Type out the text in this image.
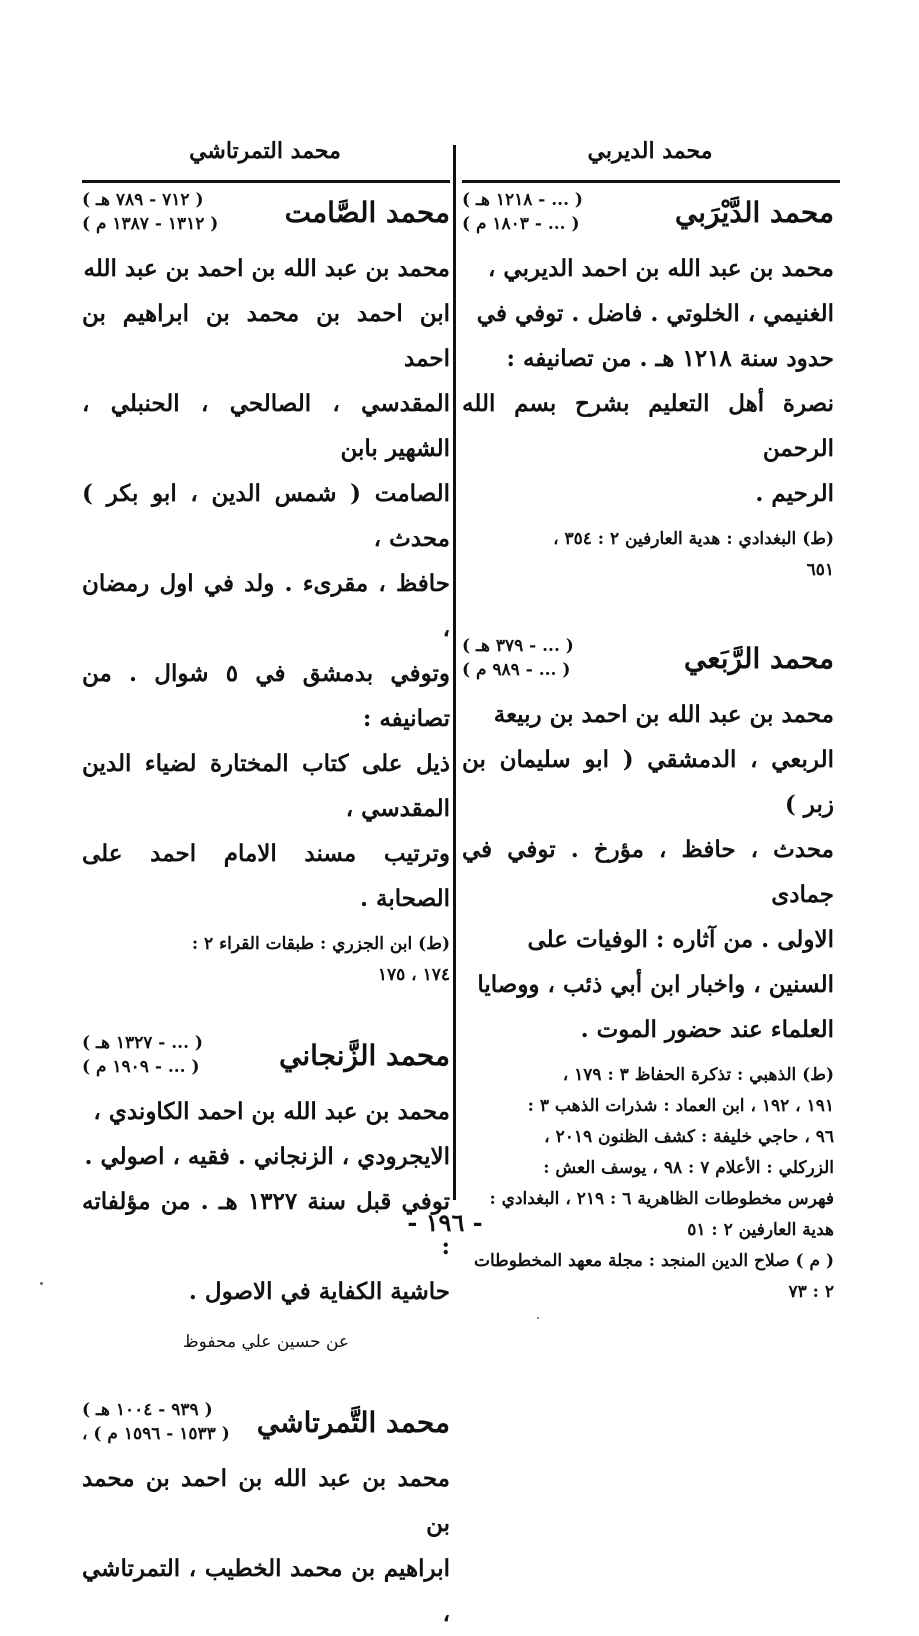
محمد الديربي
محمد التمرتاشي
محمد الدَّيْرَبي
( ... - ١٢١٨ هـ )
( ... - ١٨٠٣ م )

محمد بن عبد الله بن احمد الديربي ،

الغنيمي ، الخلوتي . فاضل . توفي في

حدود سنة ١٢١٨ هـ . من تصانيفه :

نصرة أهل التعليم بشرح بسم الله الرحمن

الرحيم .

(ط) البغدادي : هدية العارفين ٢ : ٣٥٤ ،

٦٥١

محمد الرَّبَعي
( ... - ٣٧٩ هـ )
( ... - ٩٨٩ م )

محمد بن عبد الله بن احمد بن ربيعة

الربعي ، الدمشقي ( ابو سليمان بن زبر )

محدث ، حافظ ، مؤرخ . توفي في جمادى

الاولى . من آثاره : الوفيات على

السنين ، واخبار ابن أبي ذئب ، ووصايا

العلماء عند حضور الموت .

(ط) الذهبي : تذكرة الحفاظ ٣ : ١٧٩ ،

١٩١ ، ١٩٢ ، ابن العماد : شذرات الذهب ٣ :

٩٦ ، حاجي خليفة : كشف الظنون ٢٠١٩ ،

الزركلي : الأعلام ٧ : ٩٨ ، يوسف العش :

فهرس مخطوطات الظاهرية ٦ : ٢١٩ ، البغدادي :

هدية العارفين ٢ : ٥١

( م ) صلاح الدين المنجد : مجلة معهد المخطوطات

٢ : ٧٣

محمد الصَّامت
( ٧١٢ - ٧٨٩ هـ )
( ١٣١٢ - ١٣٨٧ م )

محمد بن عبد الله بن احمد بن عبد الله

ابن احمد بن محمد بن ابراهيم بن احمد

المقدسي ، الصالحي ، الحنبلي ، الشهير بابن

الصامت ( شمس الدين ، ابو بكر ) محدث ،

حافظ ، مقرىء . ولد في اول رمضان ،

وتوفي بدمشق في ٥ شوال . من تصانيفه :

ذيل على كتاب المختارة لضياء الدين المقدسي ،

وترتيب مسند الامام احمد على الصحابة .

(ط) ابن الجزري : طبقات القراء ٢ :

١٧٤ ، ١٧٥

محمد الزَّنجاني
( ... - ١٣٢٧ هـ )
( ... - ١٩٠٩ م )

محمد بن عبد الله بن احمد الكاوندي ،

الايجرودي ، الزنجاني . فقيه ، اصولي .

توفي قبل سنة ١٣٢٧ هـ . من مؤلفاته :

حاشية الكفاية في الاصول .

عن حسين علي محفوظ
محمد التَّمرتاشي
( ٩٣٩ - ١٠٠٤ هـ )
( ١٥٣٣ - ١٥٩٦ م ) ،

محمد بن عبد الله بن احمد بن محمد بن

ابراهيم بن محمد الخطيب ، التمرتاشي ،

- ١٩٦ -
